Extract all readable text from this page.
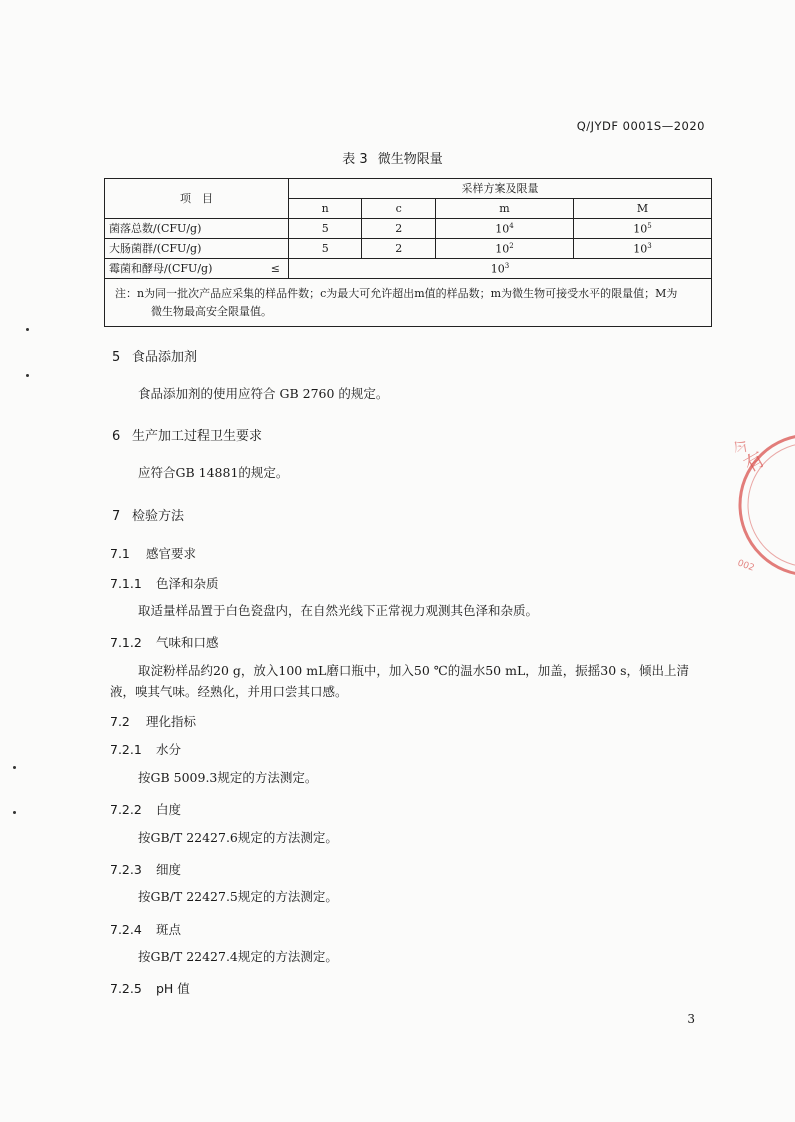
Q/JYDF 0001S—2020
表 3 微生物限量
项　目	采样方案及限量			
	n	c	m	M
菌落总数/(CFU/g)	5	2	$10^4$	$10^5$
大肠菌群/(CFU/g)	5	2	$10^2$	$10^3$
霉菌和酵母/(CFU/g) ≤	$10^3$
注：n为同一批次产品应采集的样品件数；c为最大可允许超出m值的样品数；m为微生物可接受水平的限量值；M为
微生物最高安全限量值。				
5 食品添加剂
食品添加剂的使用应符合 GB 2760 的规定。
6 生产加工过程卫生要求
应符合GB 14881的规定。
7 检验方法
7.1 感官要求
7.1.1 色泽和杂质
取适量样品置于白色瓷盘内，在自然光线下正常视力观测其色泽和杂质。
7.1.2 气味和口感
取淀粉样品约20 g，放入100 mL磨口瓶中，加入50 ℃的温水50 mL，加盖，振摇30 s，倾出上清液，嗅其气味。经熟化，并用口尝其口感。
7.2 理化指标
7.2.1 水分
按GB 5009.3规定的方法测定。
7.2.2 白度
按GB/T 22427.6规定的方法测定。
7.2.3 细度
按GB/T 22427.5规定的方法测定。
7.2.4 斑点
按GB/T 22427.4规定的方法测定。
7.2.5 pH 值
3
有
今
002
